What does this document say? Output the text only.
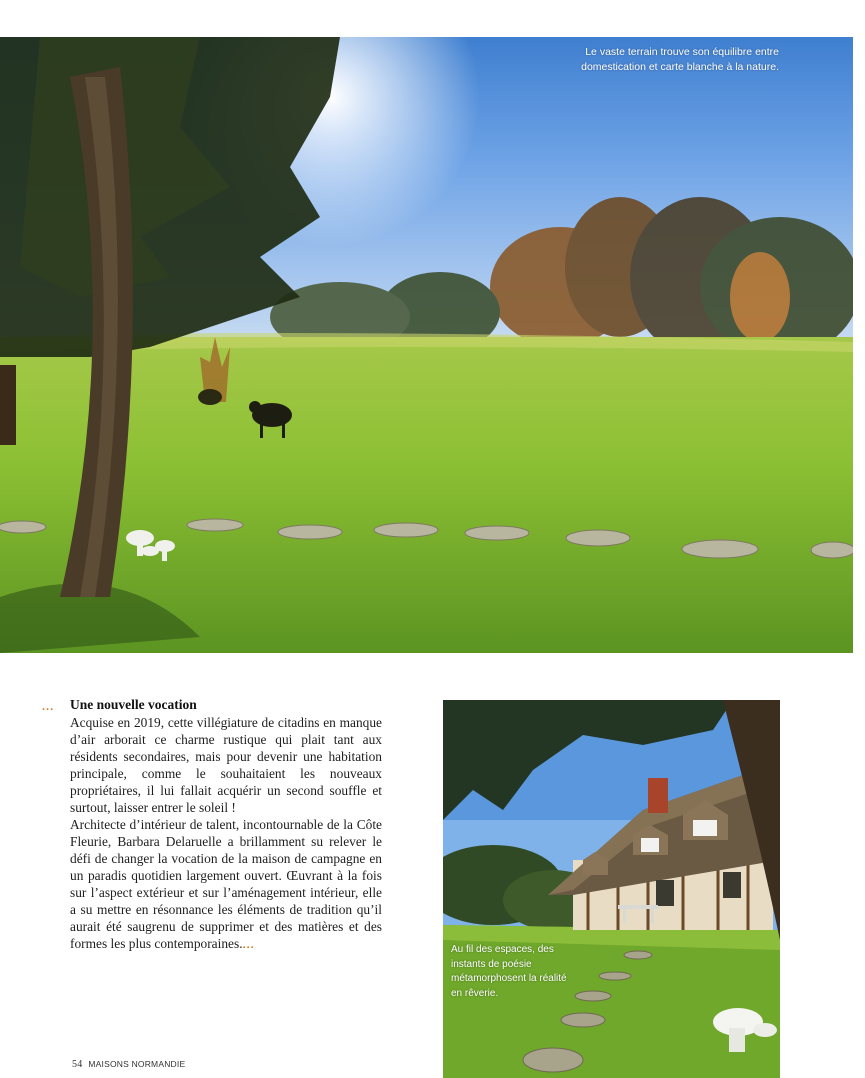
Le vaste terrain trouve son équilibre entre domestication et carte blanche à la nature.
... Une nouvelle vocation

Acquise en 2019, cette villégiature de citadins en manque d’air arborait ce charme rustique qui plait tant aux résidents secondaires, mais pour devenir une habitation principale, comme le souhaitaient les nouveaux propriétaires, il lui fallait acquérir un second souffle et surtout, laisser entrer le soleil !

Architecte d’intérieur de talent, incontournable de la Côte Fleurie, Barbara Delaruelle a brillamment su relever le défi de changer la vocation de la maison de campagne en un paradis quotidien largement ouvert. Œuvrant à la fois sur l’aspect extérieur et sur l’aménagement intérieur, elle a su mettre en résonnance les éléments de tradition qu’il aurait été saugrenu de supprimer et des matières et des formes les plus contemporaines....	Au fil des espaces, des instants de poésie métamorphosent la réalité en rêverie.
54 MAISONS NORMANDIE
